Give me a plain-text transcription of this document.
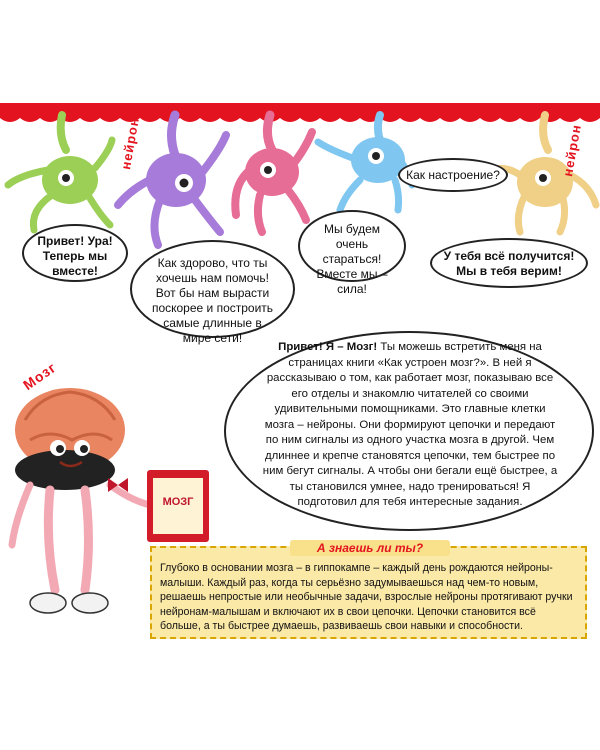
нейрон	нейрон
Мозг
МОЗГ
Привет! Ура! Теперь мы вместе!
Как здорово, что ты хочешь нам помочь! Вот бы нам вырасти поскорее и построить самые длинные в мире сети!
Мы будем очень стараться! Вместе мы – сила!
Как настроение?
У тебя всё получится! Мы в тебя верим!
Привет! Я – Мозг! Ты можешь встретить меня на страницах книги «Как устроен мозг?». В ней я рассказываю о том, как работает мозг, показываю все его отделы и знакомлю читателей со своими удивительными помощниками. Это главные клетки мозга – нейроны. Они формируют цепочки и передают по ним сигналы из одного участка мозга в другой. Чем длиннее и крепче становятся цепочки, тем быстрее по ним бегут сигналы. А чтобы они бегали ещё быстрее, а ты становился умнее, надо тренироваться! Я подготовил для тебя интересные задания.
А знаешь ли ты?
Глубоко в основании мозга – в гиппокампе – каждый день рождаются нейроны-малыши. Каждый раз, когда ты серьёзно задумываешься над чем-то новым, решаешь непростые или необычные задачи, взрослые нейроны протягивают ручки нейронам-малышам и включают их в свои цепочки. Цепочки становится всё больше, а ты быстрее думаешь, развиваешь свои навыки и способности.
